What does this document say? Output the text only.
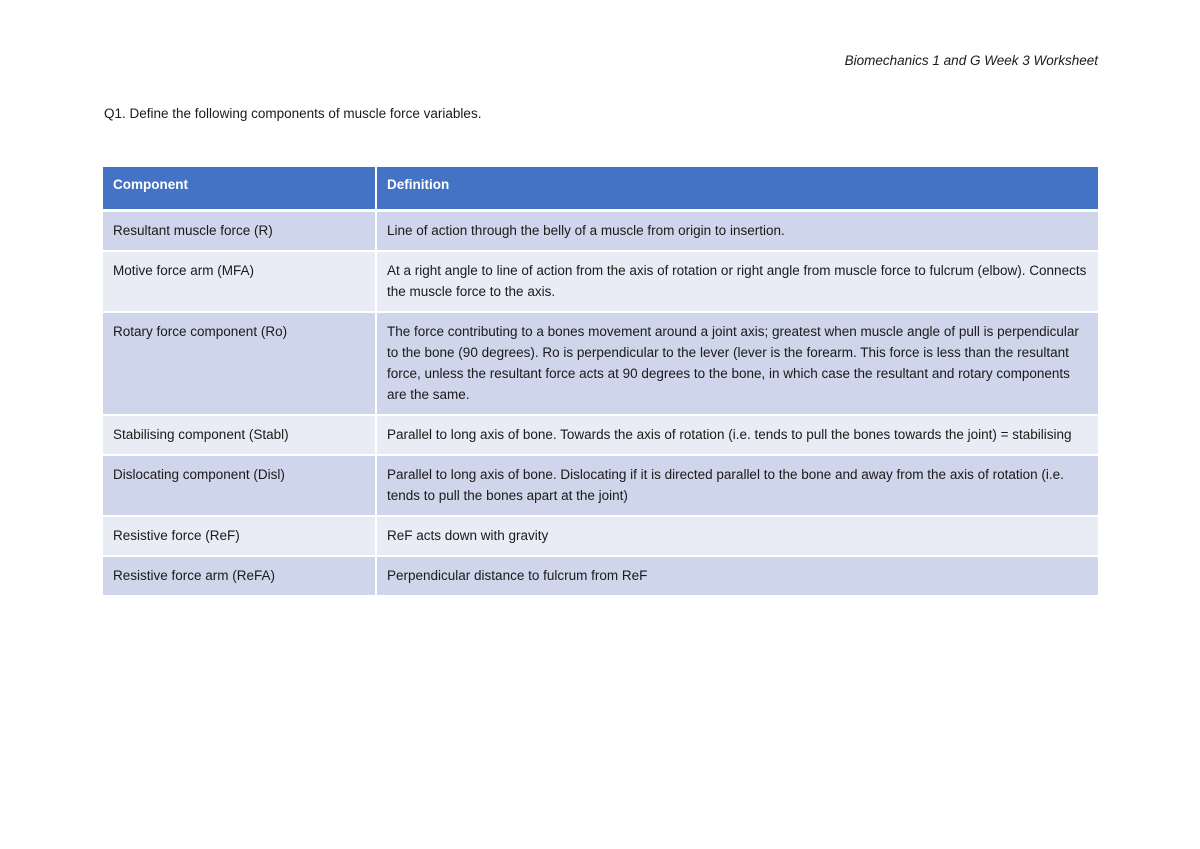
Biomechanics 1 and G Week 3 Worksheet
Q1. Define the following components of muscle force variables.
Component	Definition
Resultant muscle force (R)	Line of action through the belly of a muscle from origin to insertion.
Motive force arm (MFA)	At a right angle to line of action from the axis of rotation or right angle from muscle force to fulcrum (elbow). Connects the muscle force to the axis.
Rotary force component (Ro)	The force contributing to a bones movement around a joint axis; greatest when muscle angle of pull is perpendicular to the bone (90 degrees). Ro is perpendicular to the lever (lever is the forearm. This force is less than the resultant force, unless the resultant force acts at 90 degrees to the bone, in which case the resultant and rotary components are the same.
Stabilising component (Stabl)	Parallel to long axis of bone. Towards the axis of rotation (i.e. tends to pull the bones towards the joint) = stabilising
Dislocating component (Disl)	Parallel to long axis of bone. Dislocating if it is directed parallel to the bone and away from the axis of rotation (i.e. tends to pull the bones apart at the joint)
Resistive force (ReF)	ReF acts down with gravity
Resistive force arm (ReFA)	Perpendicular distance to fulcrum from ReF
